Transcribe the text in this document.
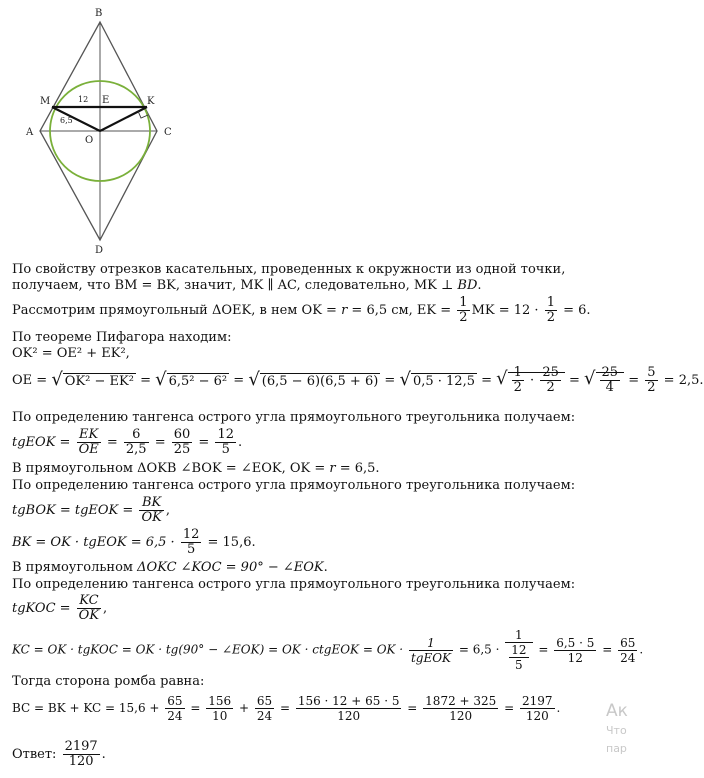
B
D
A	C
M	K
E
O
12
6,5
По свойству отрезков касательных, проведенных к окружности из одной точки,
получаем, что BM = BK, значит, MK ∥ AC, следовательно, MK ⊥ BD.
Рассмотрим прямоугольный ΔOEK, в нем OK = r = 6,5 см, EK = $\frac{1}{2}$ MK = $12 \cdot \frac{1}{2} = 6$.
По теореме Пифагора находим:
OK² = OE² + EK²,
OE = √ OK² − EK² = √ 6,5² − 6² = √ (6,5 − 6)(6,5 + 6) = √ 0,5 · 12,5 = √ $\frac{1}{2} \cdot \frac{25}{2}$ = √ $\frac{25}{4} = \frac{5}{2} = 2,5$.
По определению тангенса острого угла прямоугольного треугольника получаем:
tgEOK = $\frac{EK}{OE} = \frac{6}{2,5} = \frac{60}{25} = \frac{12}{5}$ .
В прямоугольном ΔOKB ∠BOK = ∠EOK, OK = r = 6,5.
По определению тангенса острого угла прямоугольного треугольника получаем:
tgBOK = tgEOK = $\frac{BK}{OK}$ ,
BK = OK · tgEOK = $6,5 \cdot \frac{12}{5} = 15,6$.
В прямоугольном ΔOKC ∠KOC = 90° − ∠EOK.
По определению тангенса острого угла прямоугольного треугольника получаем:
tgKOC = $\frac{KC}{OK}$ ,
KC = OK · tgKOC = OK · tg(90° − ∠EOK) = OK · ctgEOK = OK · $\frac{1}{\text{tgEOK}} = 6,5 \cdot \frac{1}{\frac{12}{5}} = \frac{6,5 \cdot 5}{12} = \frac{65}{24}$ .
Тогда сторона ромба равна:
BC = BK + KC = $15,6 + \frac{65}{24} = \frac{156}{10} + \frac{65}{24} = \frac{156 \cdot 12 + 65 \cdot 5}{120} = \frac{1872 + 325}{120} = \frac{2197}{120}$ .
Ответ: $\frac{2197}{120}$ .
Ак
Что
пар
